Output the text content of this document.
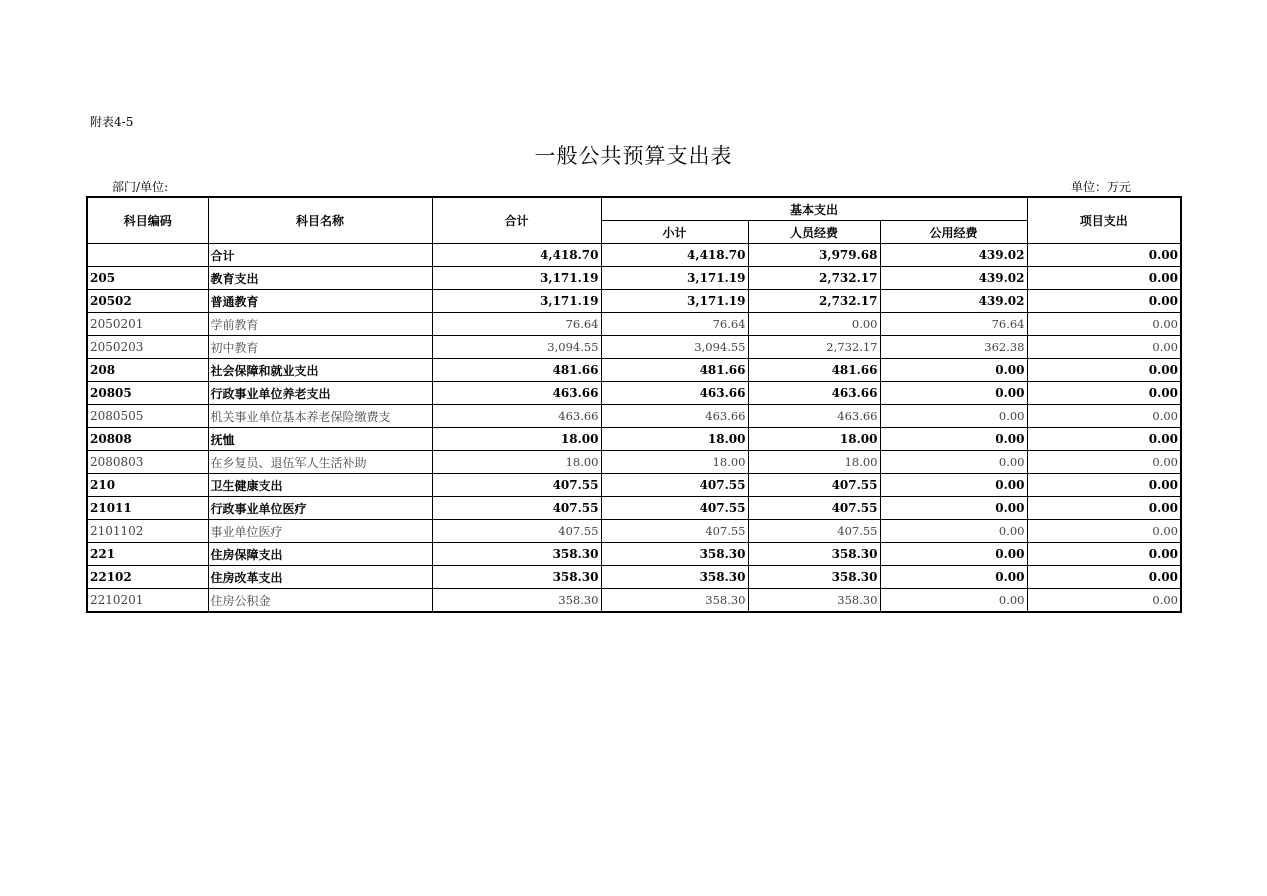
附表4-5
一般公共预算支出表
部门/单位:	单位：万元
科目编码	科目名称	合计	基本支出			项目支出
			小计	人员经费	公用经费	
	合计	4,418.70	4,418.70	3,979.68	439.02	0.00
205	教育支出	3,171.19	3,171.19	2,732.17	439.02	0.00
20502	普通教育	3,171.19	3,171.19	2,732.17	439.02	0.00
2050201	学前教育	76.64	76.64	0.00	76.64	0.00
2050203	初中教育	3,094.55	3,094.55	2,732.17	362.38	0.00
208	社会保障和就业支出	481.66	481.66	481.66	0.00	0.00
20805	行政事业单位养老支出	463.66	463.66	463.66	0.00	0.00
2080505	机关事业单位基本养老保险缴费支	463.66	463.66	463.66	0.00	0.00
20808	抚恤	18.00	18.00	18.00	0.00	0.00
2080803	在乡复员、退伍军人生活补助	18.00	18.00	18.00	0.00	0.00
210	卫生健康支出	407.55	407.55	407.55	0.00	0.00
21011	行政事业单位医疗	407.55	407.55	407.55	0.00	0.00
2101102	事业单位医疗	407.55	407.55	407.55	0.00	0.00
221	住房保障支出	358.30	358.30	358.30	0.00	0.00
22102	住房改革支出	358.30	358.30	358.30	0.00	0.00
2210201	住房公积金	358.30	358.30	358.30	0.00	0.00
